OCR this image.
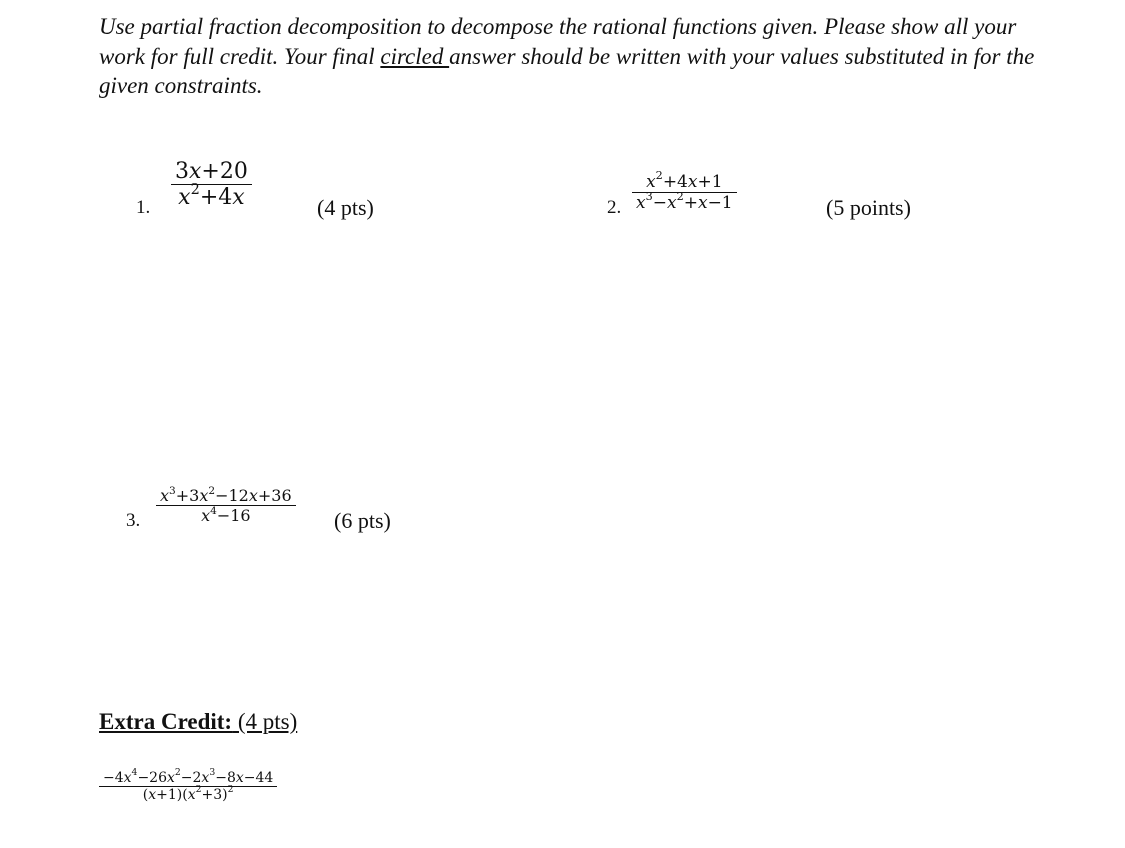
Use partial fraction decomposition to decompose the rational functions given. Please show all your work for full credit. Your final circled answer should be written with your values substituted in for the given constraints.

1.
3x+20
$x^2+4x$	(4 pts)	2.
$x^2+4x+1$
$x^3-x^2+x-1$	(5 points)
3.
$x^3+3x^2-12x+36$
$x^4-16$	(6 pts)
Extra Credit: (4 pts)
$-4x^4-26x^2-2x^3-8x-44$
$(x+1)(x^2+3)^2$
